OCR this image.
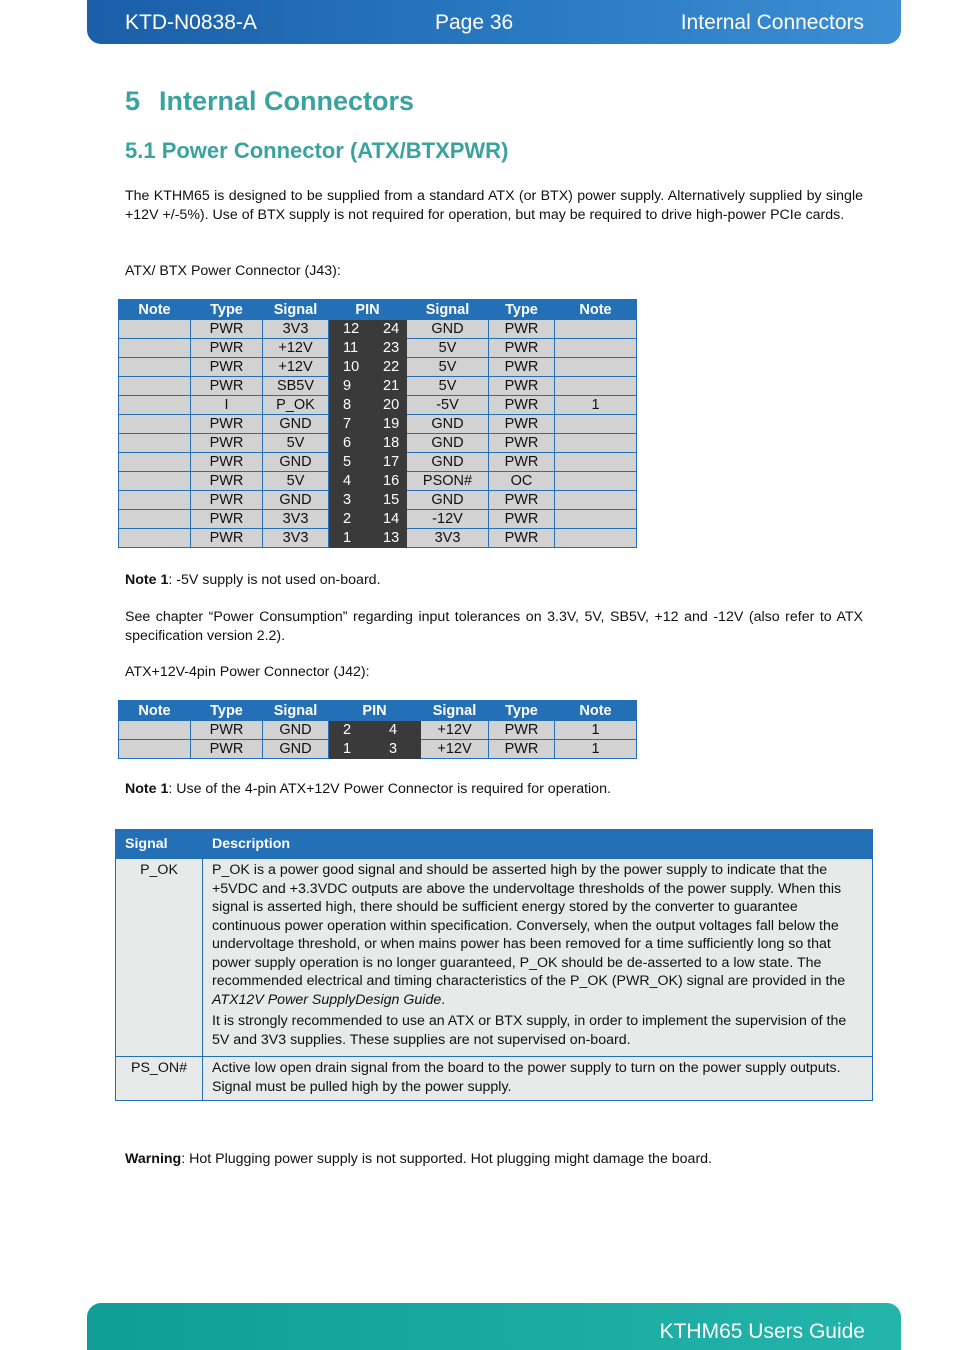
KTD-N0838-A	Page 36	Internal Connectors
5 Internal Connectors
5.1 Power Connector (ATX/BTXPWR)

The KTHM65 is designed to be supplied from a standard ATX (or BTX) power supply. Alternatively supplied by single +12V +/-5%). Use of BTX supply is not required for operation, but may be required to drive high-power PCIe cards.

ATX/ BTX Power Connector (J43):

Note	Type	Signal	PIN		Signal	Type	Note
	PWR	3V3	12	24	GND	PWR	
	PWR	+12V	11	23	5V	PWR	
	PWR	+12V	10	22	5V	PWR	
	PWR	SB5V	9	21	5V	PWR	
	I	P_OK	8	20	-5V	PWR	1
	PWR	GND	7	19	GND	PWR	
	PWR	5V	6	18	GND	PWR	
	PWR	GND	5	17	GND	PWR	
	PWR	5V	4	16	PSON#	OC	
	PWR	GND	3	15	GND	PWR	
	PWR	3V3	2	14	-12V	PWR	
	PWR	3V3	1	13	3V3	PWR	

Note 1: -5V supply is not used on-board.

See chapter “Power Consumption” regarding input tolerances on 3.3V, 5V, SB5V, +12 and -12V (also refer to ATX specification version 2.2).

ATX+12V-4pin Power Connector (J42):

Note	Type	Signal	PIN		Signal	Type	Note
	PWR	GND	2	4	+12V	PWR	1
	PWR	GND	1	3	+12V	PWR	1

Note 1: Use of the 4-pin ATX+12V Power Connector is required for operation.

Signal	Description
P_OK	P_OK is a power good signal and should be asserted high by the power supply to indicate that the +5VDC and +3.3VDC outputs are above the undervoltage thresholds of the power supply. When this signal is asserted high, there should be sufficient energy stored by the converter to guarantee continuous power operation within specification. Conversely, when the output voltages fall below the undervoltage threshold, or when mains power has been removed for a time sufficiently long so that power supply operation is no longer guaranteed, P_OK should be de-asserted to a low state. The recommended electrical and timing characteristics of the P_OK (PWR_OK) signal are provided in the ATX12V Power SupplyDesign Guide.

It is strongly recommended to use an ATX or BTX supply, in order to implement the supervision of the 5V and 3V3 supplies. These supplies are not supervised on-board.

PS_ON#	Active low open drain signal from the board to the power supply to turn on the power supply outputs. Signal must be pulled high by the power supply.

Warning: Hot Plugging power supply is not supported. Hot plugging might damage the board.

KTHM65 Users Guide
